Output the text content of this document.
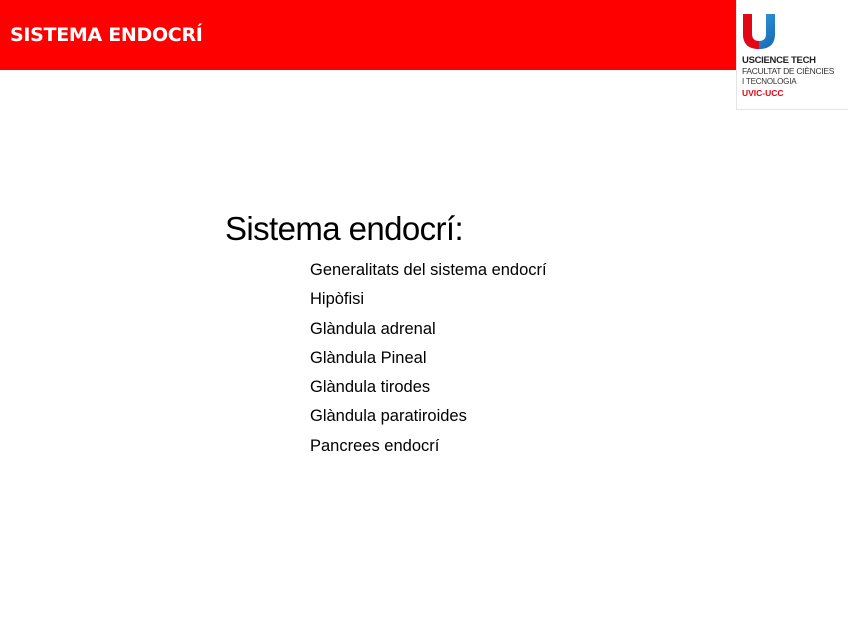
SISTEMA ENDOCRÍ
USCIENCE TECH
FACULTAT DE CIÈNCIES
I TECNOLOGIA
UVIC-UCC
Sistema endocrí:
Generalitats del sistema endocrí
Hipòfisi
Glàndula adrenal
Glàndula Pineal
Glàndula tirodes
Glàndula paratiroides
Pancrees endocrí
